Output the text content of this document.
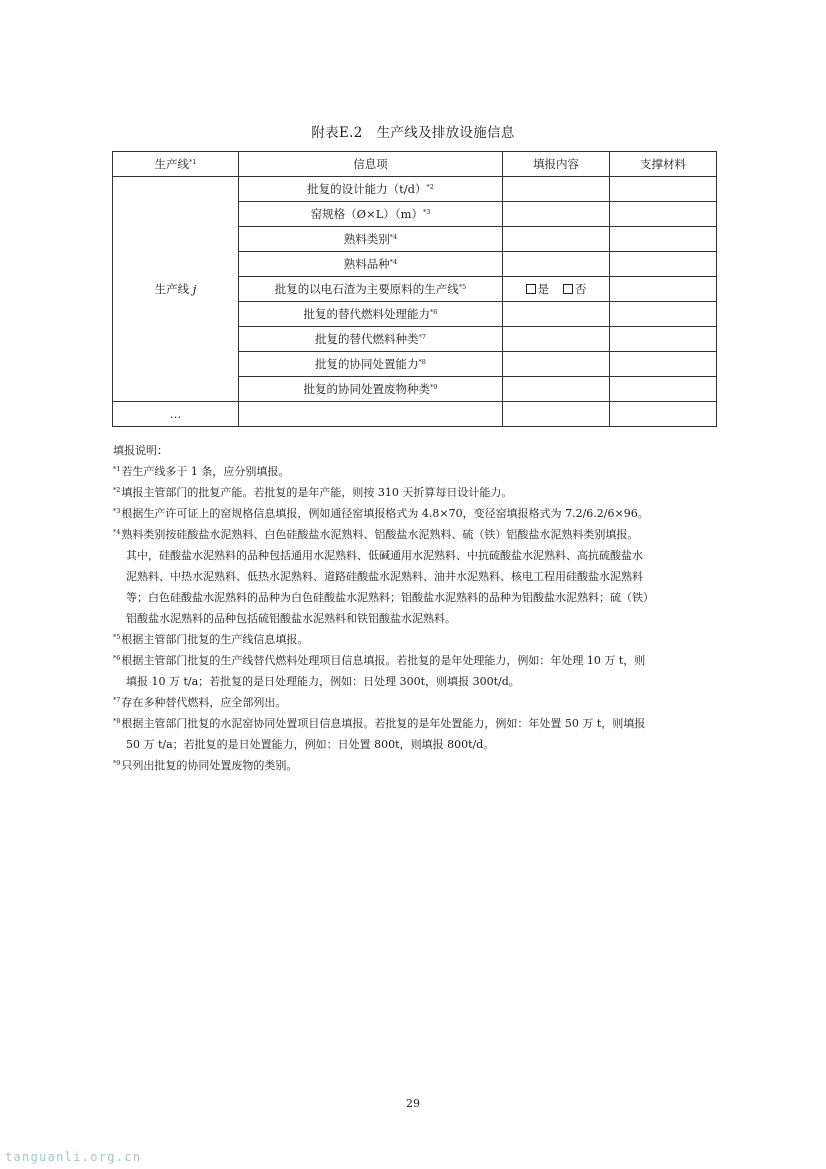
附表E.2 生产线及排放设施信息
生产线$^{*1}$	信息项	填报内容	支撑材料
生产线 j	批复的设计能力$(t/d)^{*2}$		
	窑规格$(Ø\times L)(m)^{*3}$		
	熟料类别$^{*4}$		
	熟料品种$^{*4}$		
	批复的以电石渣为主要原料的生产线$^{*5}$	是 否	
	批复的替代燃料处理能力$^{*6}$		
	批复的替代燃料种类$^{*7}$		
	批复的协同处置能力$^{*8}$		
	批复的协同处置废物种类$^{*9}$		
…			
填报说明：
$^{*1}$若生产线多于 1 条，应分别填报。
$^{*2}$填报主管部门的批复产能。若批复的是年产能，则按 310 天折算每日设计能力。
$^{*3}$根据生产许可证上的窑规格信息填报，例如通径窑填报格式为 4.8×70，变径窑填报格式为 7.2/6.2/6×96。
$^{*4}$熟料类别按硅酸盐水泥熟料、白色硅酸盐水泥熟料、铝酸盐水泥熟料、硫（铁）铝酸盐水泥熟料类别填报。
其中，硅酸盐水泥熟料的品种包括通用水泥熟料、低碱通用水泥熟料、中抗硫酸盐水泥熟料、高抗硫酸盐水
泥熟料、中热水泥熟料、低热水泥熟料、道路硅酸盐水泥熟料、油井水泥熟料、核电工程用硅酸盐水泥熟料
等；白色硅酸盐水泥熟料的品种为白色硅酸盐水泥熟料；铝酸盐水泥熟料的品种为铝酸盐水泥熟料；硫（铁）
铝酸盐水泥熟料的品种包括硫铝酸盐水泥熟料和铁铝酸盐水泥熟料。
$^{*5}$根据主管部门批复的生产线信息填报。
$^{*6}$根据主管部门批复的生产线替代燃料处理项目信息填报。若批复的是年处理能力，例如：年处理 10 万 t，则
填报 10 万 t/a；若批复的是日处理能力，例如：日处理 300t，则填报 300t/d。
$^{*7}$存在多种替代燃料，应全部列出。
$^{*8}$根据主管部门批复的水泥窑协同处置项目信息填报。若批复的是年处置能力，例如：年处置 50 万 t，则填报
50 万 t/a；若批复的是日处置能力，例如：日处置 800t，则填报 800t/d。
$^{*9}$只列出批复的协同处置废物的类别。
29
tanguanli.org.cn
